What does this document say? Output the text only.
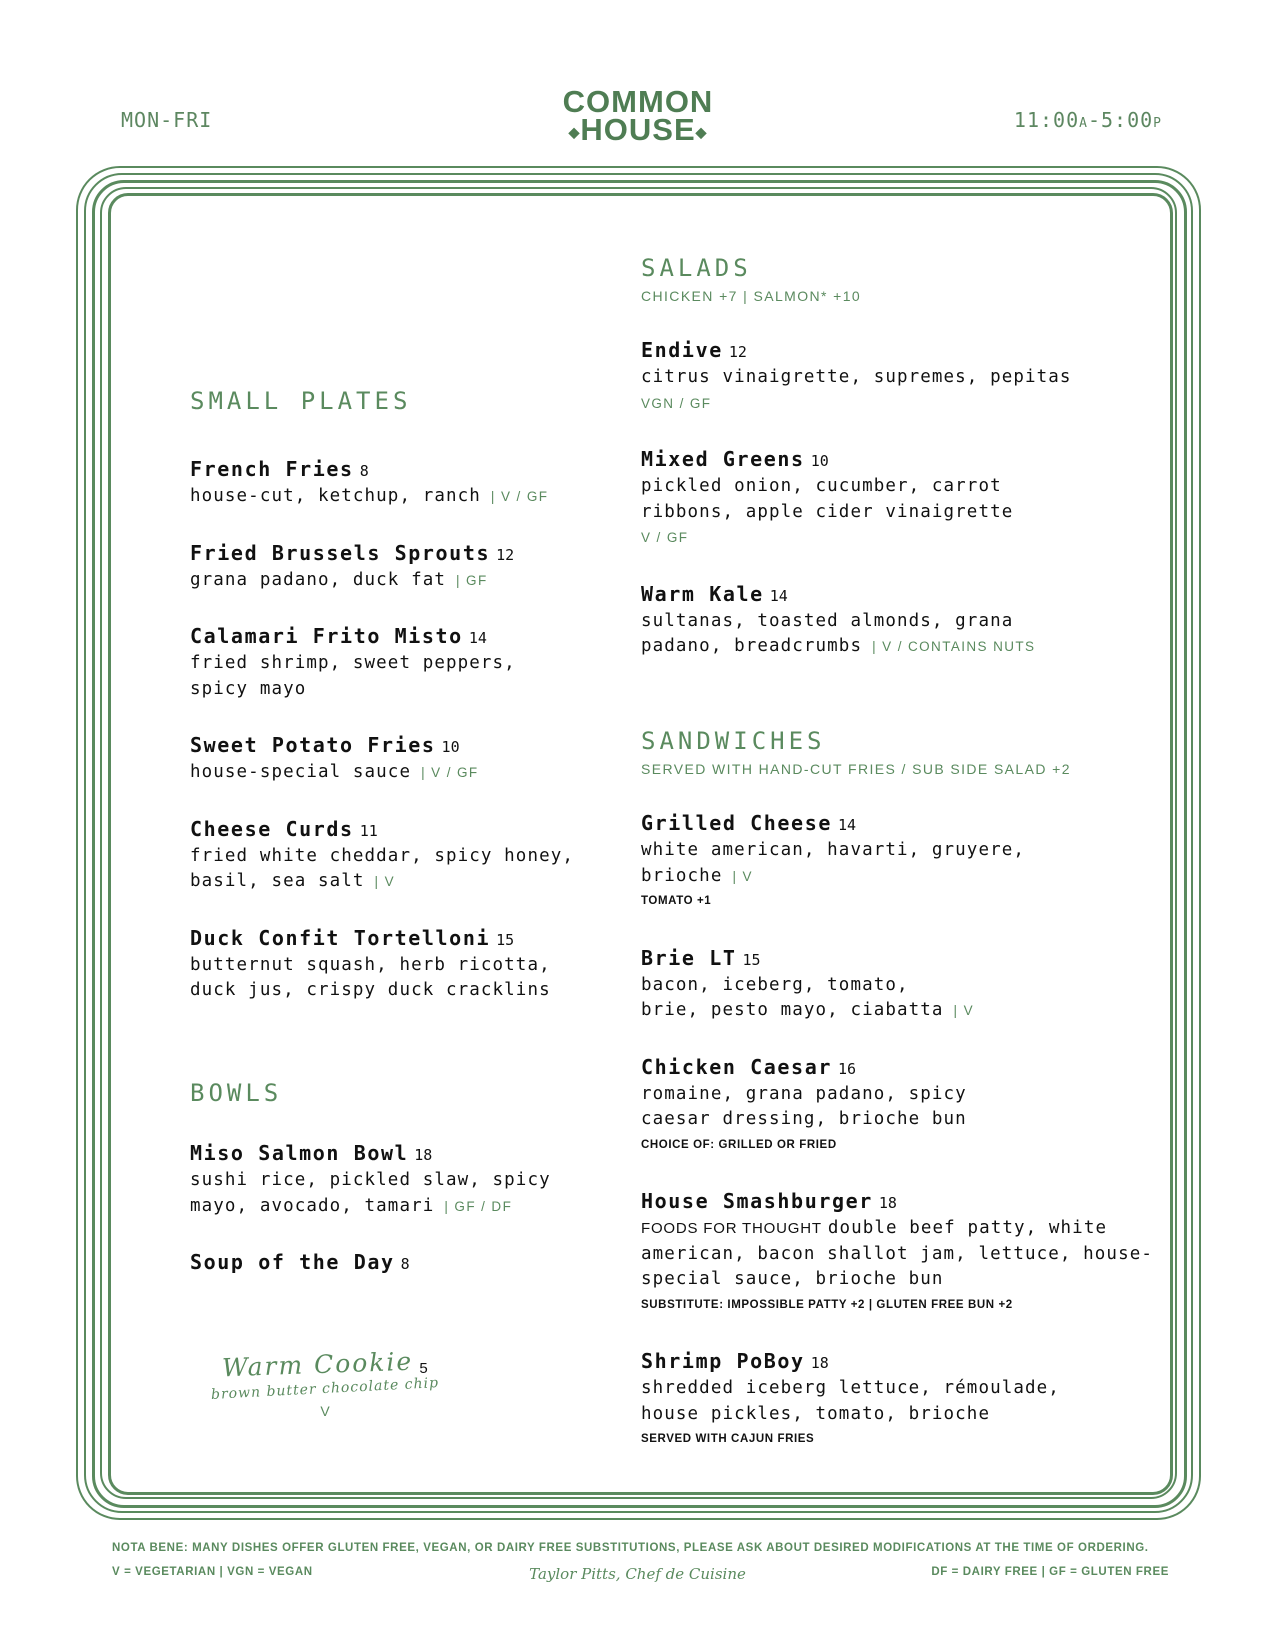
MON-FRI
COMMON
◆HOUSE◆	11:00A-5:00P
SMALL PLATES
French Fries 8
house-cut, ketchup, ranch | V / GF
Fried Brussels Sprouts 12
grana padano, duck fat | GF
Calamari Frito Misto 14
fried shrimp, sweet peppers,
spicy mayo
Sweet Potato Fries 10
house-special sauce | V / GF
Cheese Curds 11
fried white cheddar, spicy honey,
basil, sea salt | V
Duck Confit Tortelloni 15
butternut squash, herb ricotta,
duck jus, crispy duck cracklins
BOWLS
Miso Salmon Bowl 18
sushi rice, pickled slaw, spicy
mayo, avocado, tamari | GF / DF
Soup of the Day 8
Warm Cookie 5
brown butter chocolate chip
V
SALADS
CHICKEN +7 | SALMON* +10
Endive 12
citrus vinaigrette, supremes, pepitas
VGN / GF
Mixed Greens 10
pickled onion, cucumber, carrot
ribbons, apple cider vinaigrette
V / GF
Warm Kale 14
sultanas, toasted almonds, grana
padano, breadcrumbs | V / CONTAINS NUTS
SANDWICHES
SERVED WITH HAND-CUT FRIES / SUB SIDE SALAD +2
Grilled Cheese 14
white american, havarti, gruyere,
brioche | V
TOMATO +1
Brie LT 15
bacon, iceberg, tomato,
brie, pesto mayo, ciabatta | V
Chicken Caesar 16
romaine, grana padano, spicy
caesar dressing, brioche bun
CHOICE OF: GRILLED OR FRIED
House Smashburger 18
FOODS FOR THOUGHT double beef patty, white
american, bacon shallot jam, lettuce, house-
special sauce, brioche bun
SUBSTITUTE: IMPOSSIBLE PATTY +2 | GLUTEN FREE BUN +2
Shrimp PoBoy 18
shredded iceberg lettuce, rémoulade,
house pickles, tomato, brioche
SERVED WITH CAJUN FRIES
NOTA BENE: MANY DISHES OFFER GLUTEN FREE, VEGAN, OR DAIRY FREE SUBSTITUTIONS, PLEASE ASK ABOUT DESIRED MODIFICATIONS AT THE TIME OF ORDERING.
V = VEGETARIAN | VGN = VEGAN	Taylor Pitts, Chef de Cuisine	DF = DAIRY FREE | GF = GLUTEN FREE
